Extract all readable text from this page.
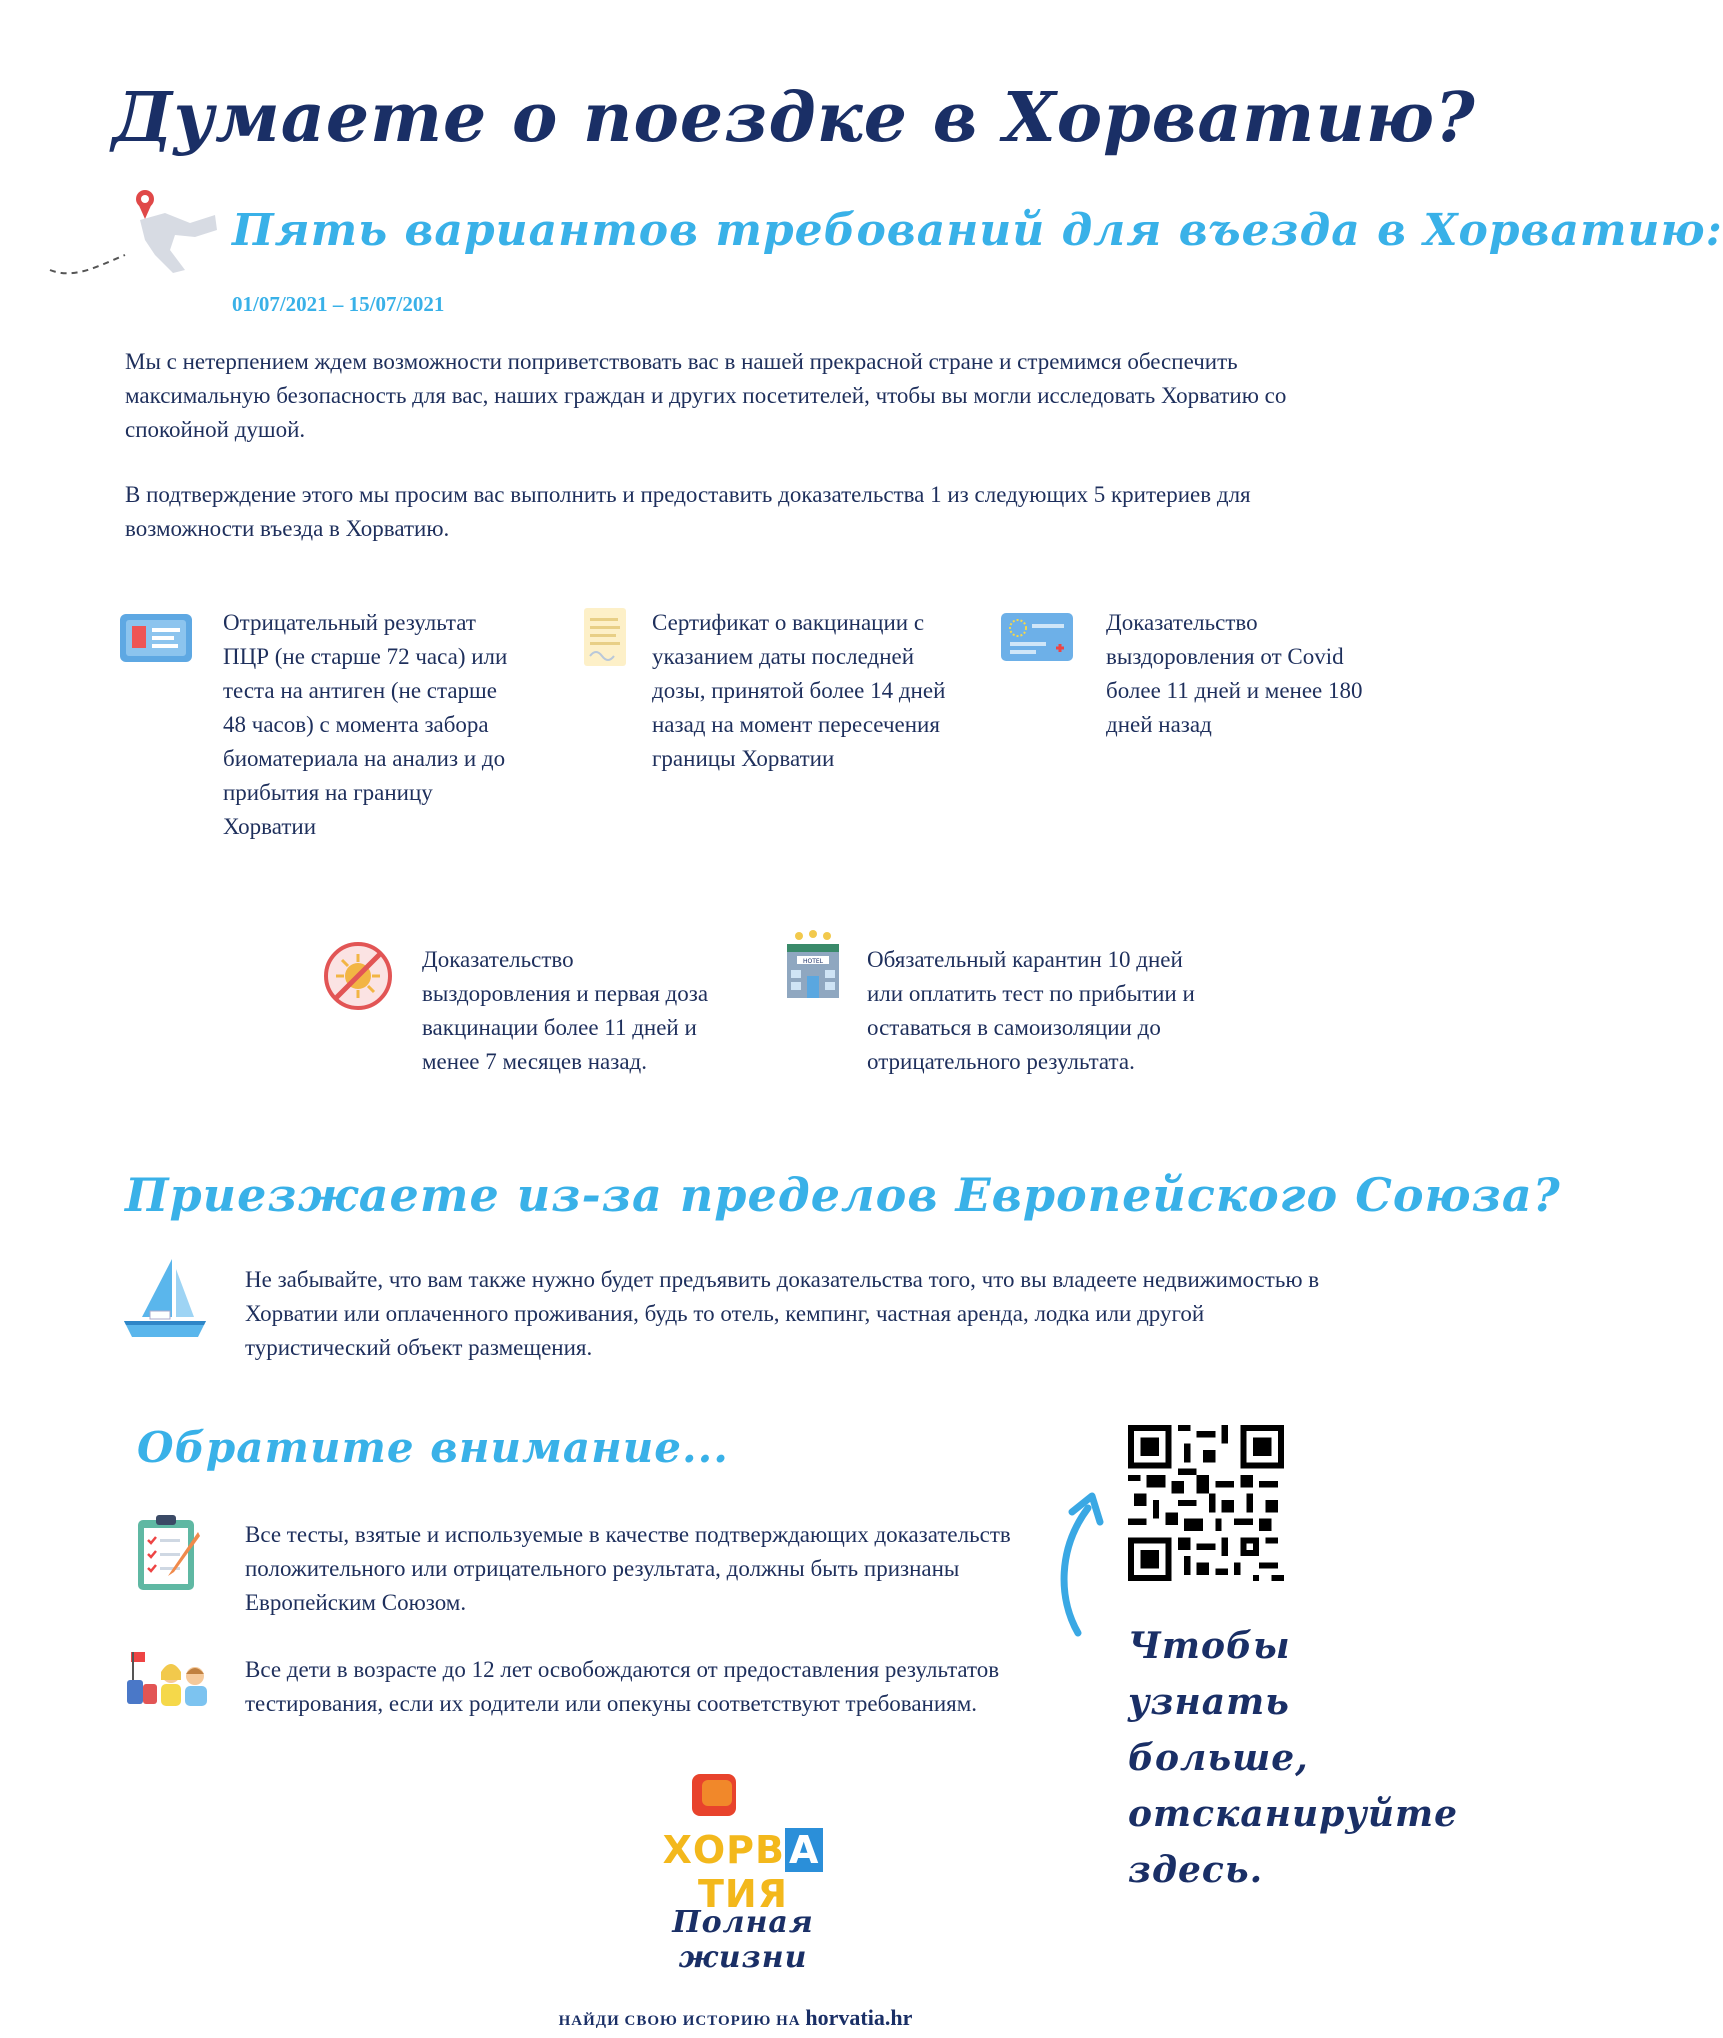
Думаете о поездке в Хорватию?
Пять вариантов требований для въезда в Хорватию:
01/07/2021 – 15/07/2021
Мы с нетерпением ждем возможности поприветствовать вас в нашей прекрасной стране и стремимся обеспечить максимальную безопасность для вас, наших граждан и других посетителей, чтобы вы могли исследовать Хорватию со спокойной душой.
В подтверждение этого мы просим вас выполнить и предоставить доказательства 1 из следующих 5 критериев для возможности въезда в Хорватию.
Отрицательный результат ПЦР (не старше 72 часа) или теста на антиген (не старше 48 часов) с момента забора биоматериала на анализ и до прибытия на границу Хорватии
Сертификат о вакцинации с указанием даты последней дозы, принятой более 14 дней назад на момент пересечения границы Хорватии
Доказательство выздоровления от Covid более 11 дней и менее 180 дней назад
Доказательство выздоровления и первая доза вакцинации более 11 дней и менее 7 месяцев назад.
HOTEL Обязательный карантин 10 дней или оплатить тест по прибытии и оставаться в самоизоляции до отрицательного результата.
Приезжаете из-за пределов Европейского Союза?
Не забывайте, что вам также нужно будет предъявить доказательства того, что вы владеете недвижимостью в Хорватии или оплаченного проживания, будь то отель, кемпинг, частная аренда, лодка или другой туристический объект размещения.
Обратите внимание...
Все тесты, взятые и используемые в качестве подтверждающих доказательств положительного или отрицательного результата, должны быть признаны Европейским Союзом.
Все дети в возрасте до 12 лет освобождаются от предоставления результатов тестирования, если их родители или опекуны соответствуют требованиям.
Чтобы узнать больше, отсканируйте здесь.
ХОРВ АТИЯ
Полная жизни
НАЙДИ СВОЮ ИСТОРИЮ НА horvatia.hr
